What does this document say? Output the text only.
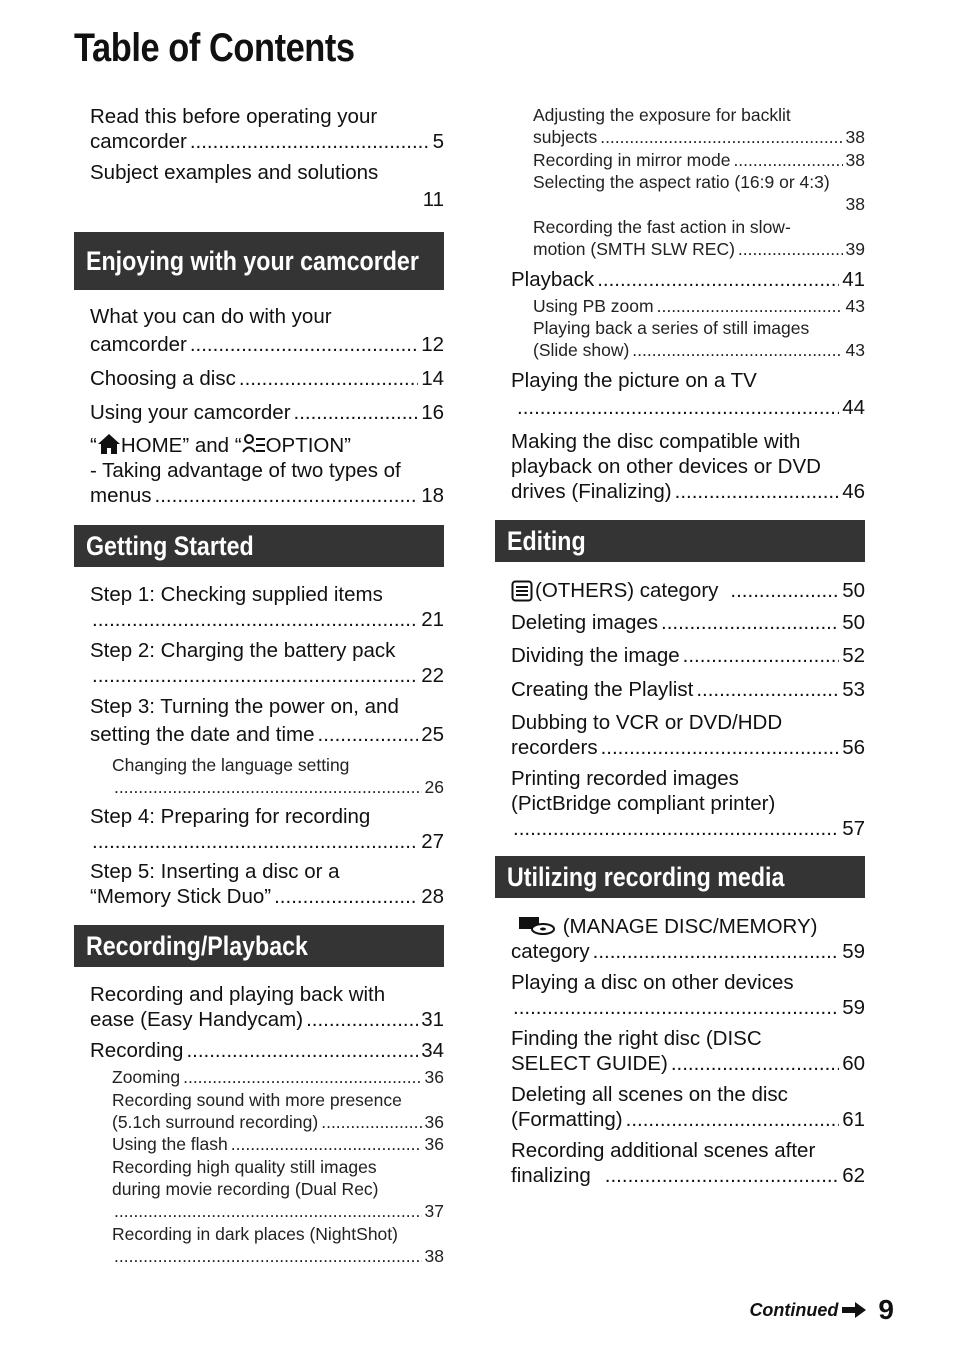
Table of Contents
Read this before operating your
camcorder .....	5
Subject examples and solutions
11
Enjoying with your camcorder
What you can do with your
camcorder .....	12
Choosing a disc .....	14
Using your camcorder .....	16
“ HOME” and “ OPTION”
- Taking advantage of two types of
menus .....	18
Getting Started
Step 1: Checking supplied items
.....
21
Step 2: Charging the battery pack
.....
22
Step 3: Turning the power on, and
setting the date and time .....	25
Changing the language setting
.....
26
Step 4: Preparing for recording
.....
27
Step 5: Inserting a disc or a
“Memory Stick Duo” .....	28
Recording/Playback
Recording and playing back with
ease (Easy Handycam) .....	31
Recording .....	34
Zooming .....	36
Recording sound with more presence
(5.1ch surround recording) .....	36
Using the flash .....	36
Recording high quality still images
during movie recording (Dual Rec)
.....
37
Recording in dark places (NightShot)
.....
38
Adjusting the exposure for backlit
subjects .....	38
Recording in mirror mode .....	38
Selecting the aspect ratio (16:9 or 4:3)
38
Recording the fast action in slow-
motion (SMTH SLW REC) .....	39
Playback .....	41
Using PB zoom .....	43
Playing back a series of still images
(Slide show) .....	43
Playing the picture on a TV
.....
44
Making the disc compatible with
playback on other devices or DVD
drives (Finalizing) .....	46
Editing
(OTHERS) category .....	50
Deleting images .....	50
Dividing the image .....	52
Creating the Playlist .....	53
Dubbing to VCR or DVD/HDD
recorders .....	56
Printing recorded images
(PictBridge compliant printer)
.....
57
Utilizing recording media
(MANAGE DISC/MEMORY)
category .....	59
Playing a disc on other devices
.....
59
Finding the right disc (DISC
SELECT GUIDE) .....	60
Deleting all scenes on the disc
(Formatting) .....	61
Recording additional scenes after
finalizing .....	62
Continued 9
